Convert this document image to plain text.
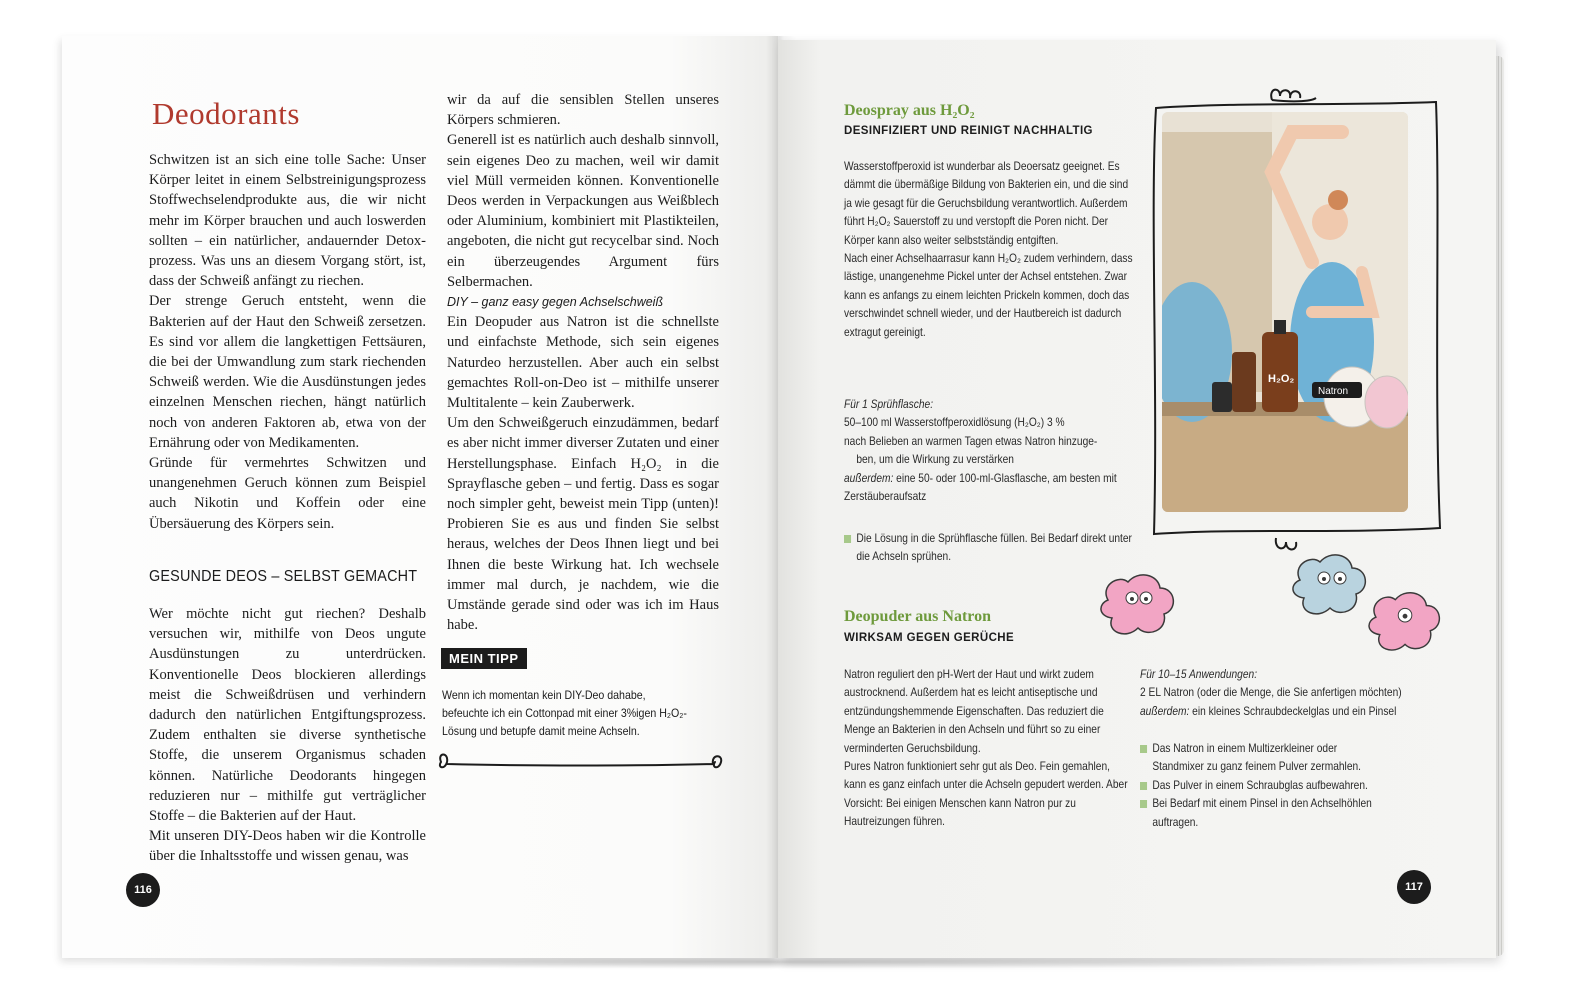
Deodorants

Schwitzen ist an sich eine tolle Sache: Unser Körper leitet in einem Selbstreinigungsprozess Stoffwechselendprodukte aus, die wir nicht mehr im Körper brauchen und auch loswerden sollten – ein natürlicher, andauernder Detox-prozess. Was uns an diesem Vorgang stört, ist, dass der Schweiß anfängt zu riechen.

Der strenge Geruch entsteht, wenn die Bakterien auf der Haut den Schweiß zersetzen. Es sind vor allem die langkettigen Fettsäuren, die bei der Umwandlung zum stark riechenden Schweiß werden. Wie die Ausdünstungen jedes einzelnen Menschen riechen, hängt natürlich noch von anderen Faktoren ab, etwa von der Ernährung oder von Medikamenten.

Gründe für vermehrtes Schwitzen und unangenehmen Geruch können zum Beispiel auch Nikotin und Koffein oder eine Übersäuerung des Körpers sein.

GESUNDE DEOS – SELBST GEMACHT

Wer möchte nicht gut riechen? Deshalb versuchen wir, mithilfe von Deos ungute Ausdünstungen zu unterdrücken. Konventionelle Deos blockieren allerdings meist die Schweißdrüsen und verhindern dadurch den natürlichen Entgiftungsprozess. Zudem enthalten sie diverse synthetische Stoffe, die unserem Organismus schaden können. Natürliche Deodorants hingegen reduzieren nur – mithilfe gut verträglicher Stoffe – die Bakterien auf der Haut.

Mit unseren DIY-Deos haben wir die Kontrolle über die Inhaltsstoffe und wissen genau, was

wir da auf die sensiblen Stellen unseres Körpers schmieren.

Generell ist es natürlich auch deshalb sinnvoll, sein eigenes Deo zu machen, weil wir damit viel Müll vermeiden können. Konventionelle Deos werden in Verpackungen aus Weißblech oder Aluminium, kombiniert mit Plastikteilen, angeboten, die nicht gut recycelbar sind. Noch ein überzeugendes Argument fürs Selbermachen.

DIY – ganz easy gegen Achselschweiß

Ein Deopuder aus Natron ist die schnellste und einfachste Methode, sich sein eigenes Naturdeo herzustellen. Aber auch ein selbst gemachtes Roll-on-Deo ist – mithilfe unserer Multitalente – kein Zauberwerk.

Um den Schweißgeruch einzudämmen, bedarf es aber nicht immer diverser Zutaten und einer Herstellungsphase. Einfach H₂O₂ in die Sprayflasche geben – und fertig. Dass es sogar noch simpler geht, beweist mein Tipp (unten)! Probieren Sie es aus und finden Sie selbst heraus, welches der Deos Ihnen liegt und bei Ihnen die beste Wirkung hat. Ich wechsele immer mal durch, je nachdem, wie die Umstände gerade sind oder was ich im Haus habe.

MEIN TIPP
Wenn ich momentan kein DIY-Deo dahabe, befeuchte ich ein Cottonpad mit einer 3%igen H₂O₂-Lösung und betupfe damit meine Achseln.
116
Deospray aus H₂O₂
DESINFIZIERT UND REINIGT NACHHALTIG

Wasserstoffperoxid ist wunderbar als Deoersatz geeignet. Es dämmt die übermäßige Bildung von Bakterien ein, und die sind ja wie gesagt für die Geruchsbildung verantwortlich. Außerdem führt H₂O₂ Sauerstoff zu und verstopft die Poren nicht. Der Körper kann also weiter selbstständig entgiften.

Nach einer Achselhaarrasur kann H₂O₂ zudem verhindern, dass lästige, unangenehme Pickel unter der Achsel entstehen. Zwar kann es anfangs zu einem leichten Prickeln kommen, doch das verschwindet schnell wieder, und der Hautbereich ist dadurch extragut gereinigt.

Für 1 Sprühflasche:

50–100 ml Wasserstoffperoxidlösung (H₂O₂) 3 %

nach Belieben an warmen Tagen etwas Natron hinzuge-

ben, um die Wirkung zu verstärken

außerdem: eine 50- oder 100-ml-Glasflasche, am besten mit Zerstäuberaufsatz

Die Lösung in die Sprühflasche füllen. Bei Bedarf direkt unter die Achseln sprühen.

H₂O₂
Natron
Deopuder aus Natron
WIRKSAM GEGEN GERÜCHE

Natron reguliert den pH-Wert der Haut und wirkt zudem austrocknend. Außerdem hat es leicht antiseptische und entzündungshemmende Eigenschaften. Das reduziert die Menge an Bakterien in den Achseln und führt so zu einer verminderten Geruchsbildung.

Pures Natron funktioniert sehr gut als Deo. Fein gemahlen, kann es ganz einfach unter die Achseln gepudert werden. Aber Vorsicht: Bei einigen Menschen kann Natron pur zu Hautreizungen führen.

Für 10–15 Anwendungen:

2 EL Natron (oder die Menge, die Sie anfertigen möchten)

außerdem: ein kleines Schraubdeckelglas und ein Pinsel

Das Natron in einem Multizerkleiner oder Standmixer zu ganz feinem Pulver zermahlen.

Das Pulver in einem Schraubglas aufbewahren.

Bei Bedarf mit einem Pinsel in den Achselhöhlen auftragen.

117
